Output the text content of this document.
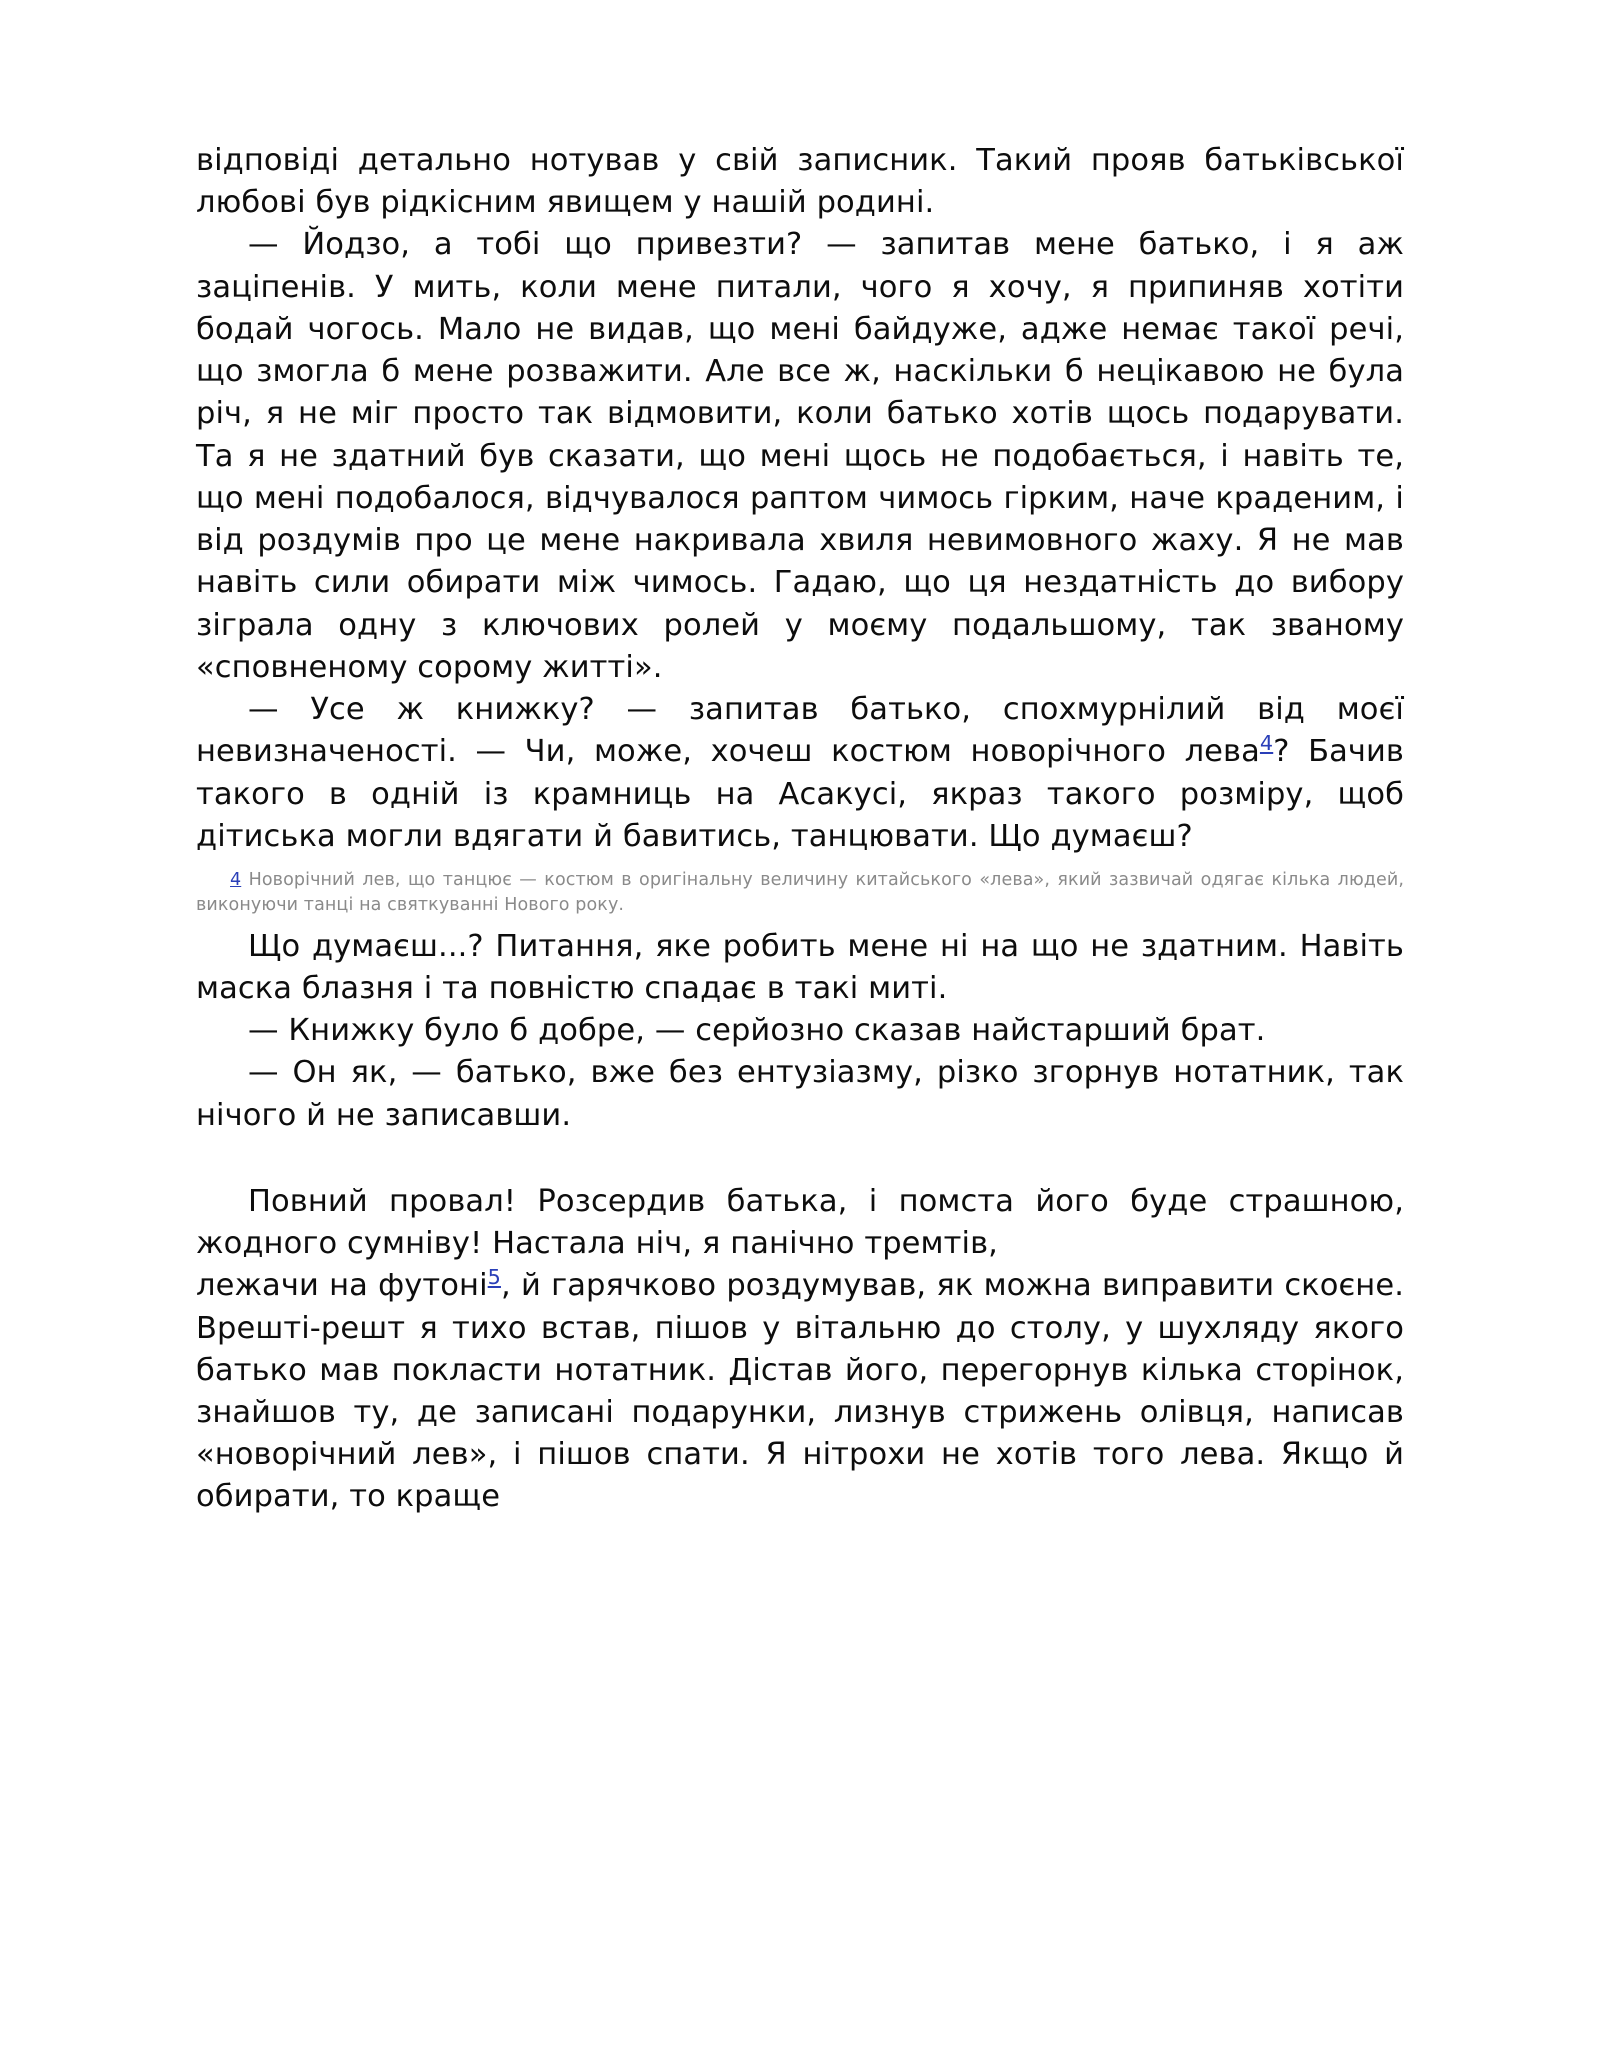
відповіді детально нотував у свій записник. Такий прояв батьківської любові був рідкісним явищем у нашій родині.

— Йодзо, а тобі що привезти? — запитав мене батько, і я аж заціпенів. У мить, коли мене питали, чого я хочу, я припиняв хотіти бодай чогось. Мало не видав, що мені байдуже, адже немає такої речі, що змогла б мене розважити. Але все ж, наскільки б нецікавою не була річ, я не міг просто так відмовити, коли батько хотів щось подарувати. Та я не здатний був сказати, що мені щось не подобається, і навіть те, що мені подобалося, відчувалося раптом чимось гірким, наче краденим, і від роздумів про це мене накривала хвиля невимовного жаху. Я не мав навіть сили обирати між чимось. Гадаю, що ця нездатність до вибору зіграла одну з ключових ролей у моєму подальшому, так званому «сповненому сорому житті».

— Усе ж книжку? — запитав батько, спохмурнілий від моєї невизначеності. — Чи, може, хочеш костюм новорічного лева$^4$? Бачив такого в одній із крамниць на Асакусі, якраз такого розміру, щоб дітиська могли вдягати й бавитись, танцювати. Що думаєш?

4 Новорічний лев, що танцює — костюм в оригінальну величину китайського «лева», який зазвичай одягає кілька людей, виконуючи танці на святкуванні Нового року.

Що думаєш...? Питання, яке робить мене ні на що не здатним. Навіть маска блазня і та повністю спадає в такі миті.

— Книжку було б добре, — серйозно сказав найстарший брат.

— Он як, — батько, вже без ентузіазму, різко згорнув нотатник, так нічого й не записавши.

Повний провал! Розсердив батька, і помста його буде страшною, жодного сумніву! Настала ніч, я панічно тремтів,

лежачи на футоні$^5$, й гарячково роздумував, як можна виправити скоєне. Врешті-решт я тихо встав, пішов у вітальню до столу, у шухляду якого батько мав покласти нотатник. Дістав його, перегорнув кілька сторінок, знайшов ту, де записані подарунки, лизнув стрижень олівця, написав «новорічний лев», і пішов спати. Я нітрохи не хотів того лева. Якщо й обирати, то краще
